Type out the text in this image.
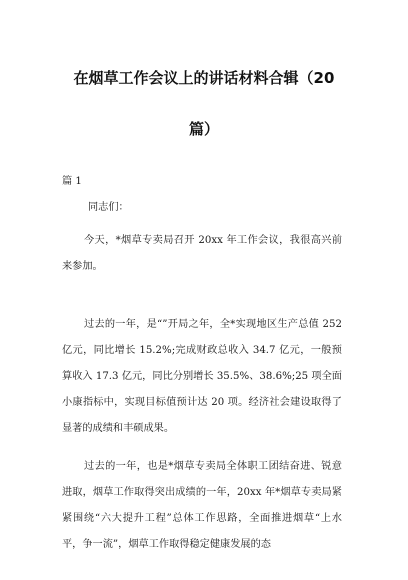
在烟草工作会议上的讲话材料合辑（20
篇）
篇 1
同志们：

今天，*烟草专卖局召开 20xx 年工作会议，我很高兴前来参加。

过去的一年，是“”开局之年，全*实现地区生产总值 252 亿元，同比增长 15.2%;完成财政总收入 34.7 亿元，一般预算收入 17.3 亿元，同比分别增长 35.5%、38.6%;25 项全面小康指标中，实现目标值预计达 20 项。经济社会建设取得了显著的成绩和丰硕成果。

过去的一年，也是*烟草专卖局全体职工团结奋进、锐意进取，烟草工作取得突出成绩的一年，20xx 年*烟草专卖局紧紧围绕“六大提升工程”总体工作思路，全面推进烟草“上水平，争一流”，烟草工作取得稳定健康发展的态
